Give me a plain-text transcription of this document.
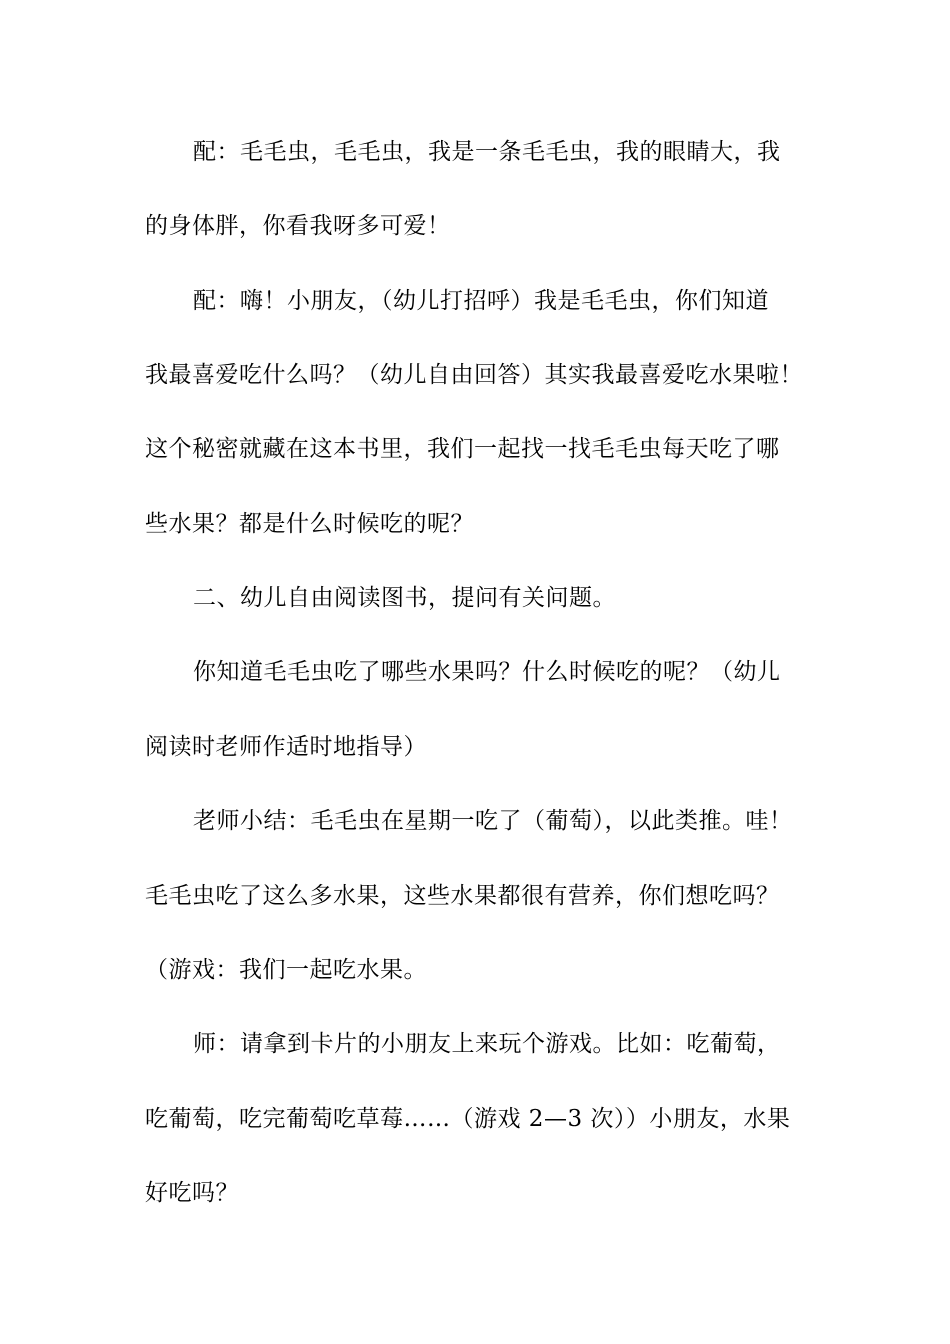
配：毛毛虫，毛毛虫，我是一条毛毛虫，我的眼睛大，我
的身体胖，你看我呀多可爱！
配：嗨！小朋友，（幼儿打招呼）我是毛毛虫，你们知道
我最喜爱吃什么吗？（幼儿自由回答）其实我最喜爱吃水果啦！
这个秘密就藏在这本书里，我们一起找一找毛毛虫每天吃了哪
些水果？都是什么时候吃的呢？
二、幼儿自由阅读图书，提问有关问题。
你知道毛毛虫吃了哪些水果吗？什么时候吃的呢？（幼儿
阅读时老师作适时地指导）
老师小结：毛毛虫在星期一吃了（葡萄），以此类推。哇！
毛毛虫吃了这么多水果，这些水果都很有营养，你们想吃吗？
（游戏：我们一起吃水果。
师：请拿到卡片的小朋友上来玩个游戏。比如：吃葡萄，
吃葡萄，吃完葡萄吃草莓……（游戏 2—3 次））小朋友，水果
好吃吗？
